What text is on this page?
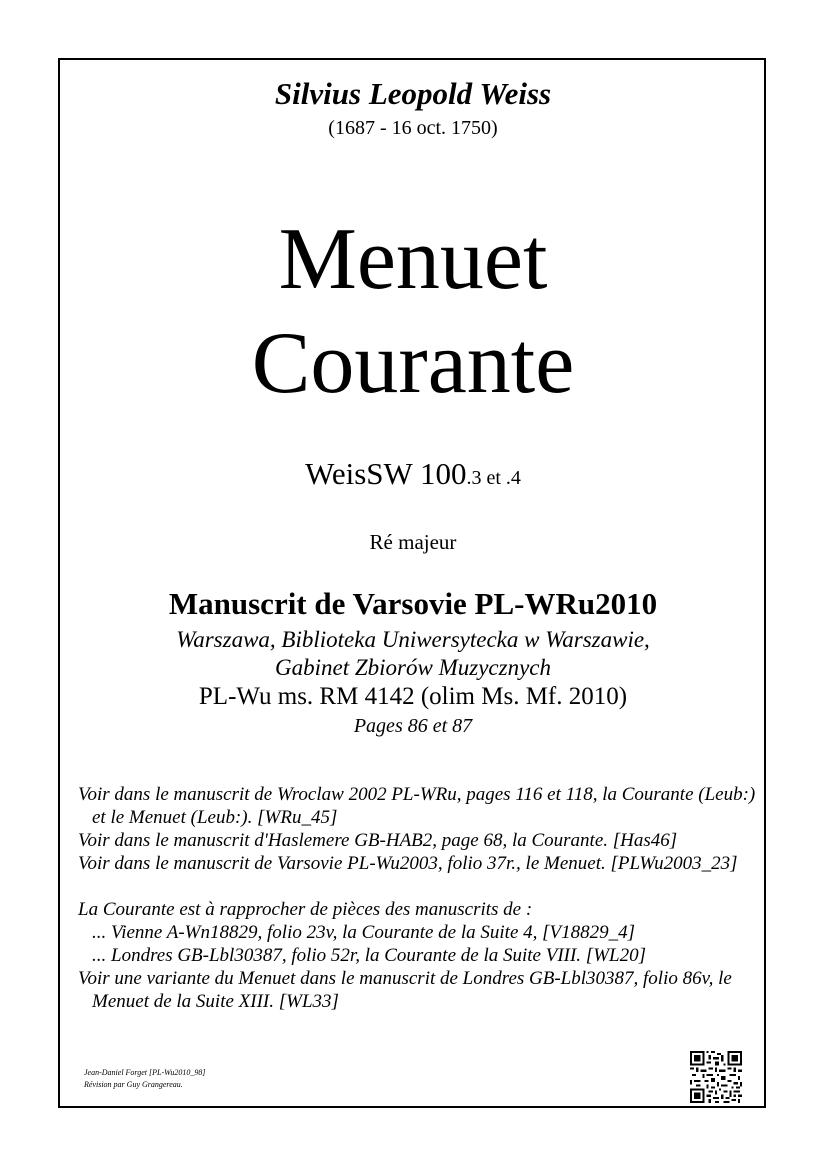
Silvius Leopold Weiss
(1687 - 16 oct. 1750)
Menuet
Courante
WeisSW 100.3 et .4
Ré majeur
Manuscrit de Varsovie PL-WRu2010
Warszawa, Biblioteka Uniwersytecka w Warszawie,
Gabinet Zbiorów Muzycznych
PL-Wu ms. RM 4142 (olim Ms. Mf. 2010)
Pages 86 et 87

Voir dans le manuscrit de Wroclaw 2002 PL-WRu, pages 116 et 118, la Courante (Leub:) et le Menuet (Leub:). [WRu_45]

Voir dans le manuscrit d'Haslemere GB-HAB2, page 68, la Courante. [Has46]

Voir dans le manuscrit de Varsovie PL-Wu2003, folio 37r., le Menuet. [PLWu2003_23]

La Courante est à rapprocher de pièces des manuscrits de :

... Vienne A-Wn18829, folio 23v, la Courante de la Suite 4, [V18829_4]

... Londres GB-Lbl30387, folio 52r, la Courante de la Suite VIII. [WL20]

Voir une variante du Menuet dans le manuscrit de Londres GB-Lbl30387, folio 86v, le Menuet de la Suite XIII. [WL33]

Jean-Daniel Forget [PL-Wu2010_98]
Révision par Guy Grangereau.
